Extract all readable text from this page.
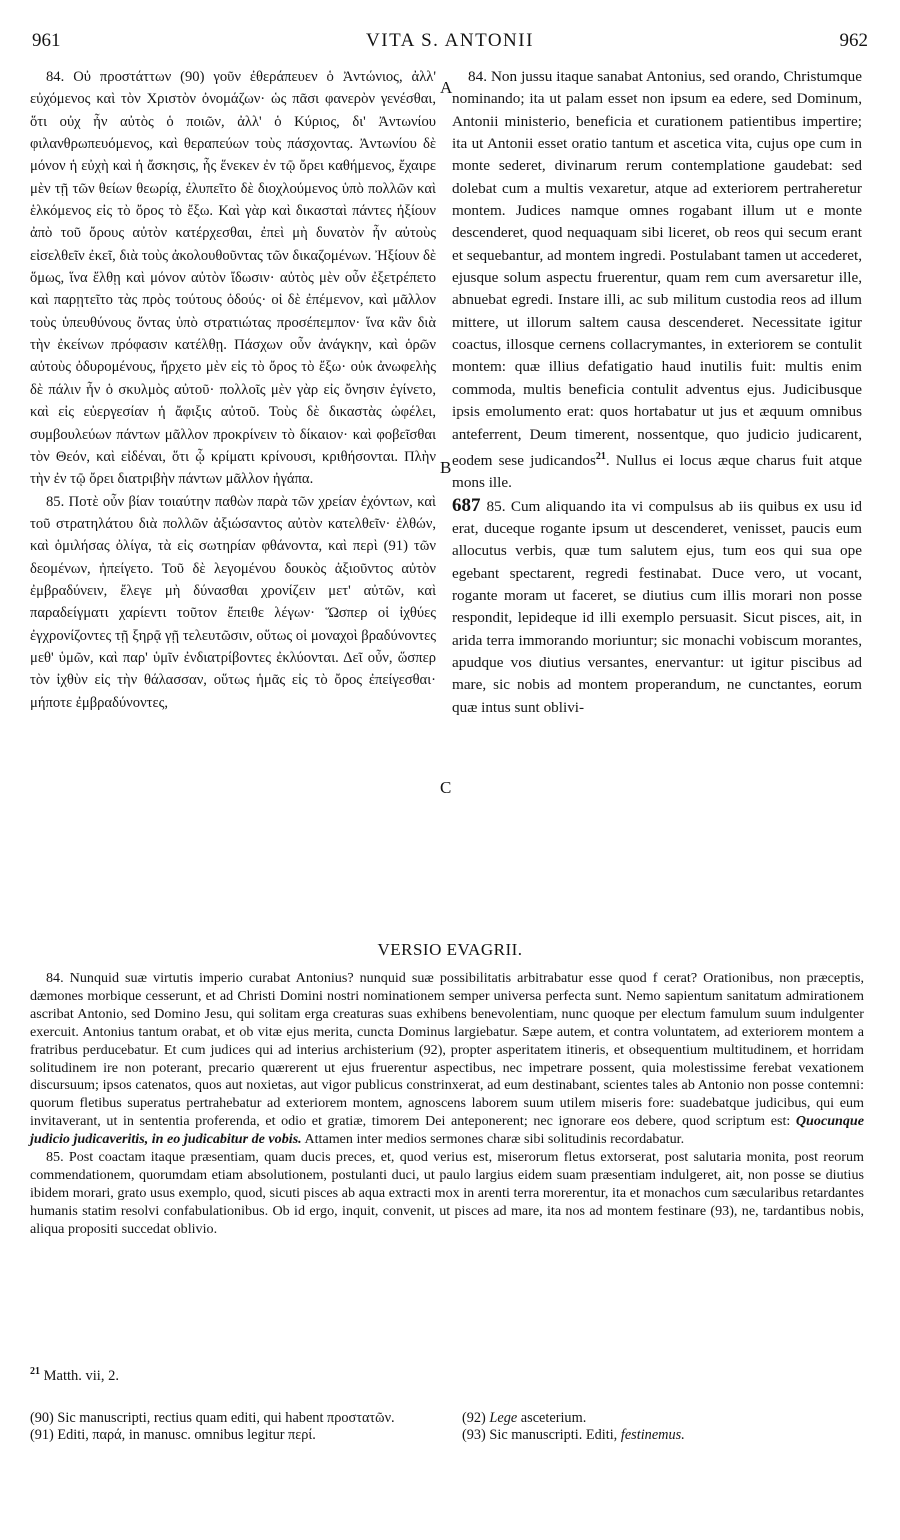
961	VITA S. ANTONII	962

84. Οὐ προστάττων (90) γοῦν ἐθεράπευεν ὁ Ἀντώνιος, ἀλλ' εὐχόμενος καὶ τὸν Χριστὸν ὀνομάζων· ὡς πᾶσι φανερὸν γενέσθαι, ὅτι οὐχ ἦν αὐτὸς ὁ ποιῶν, ἀλλ' ὁ Κύριος, δι' Ἀντωνίου φιλανθρωπευόμενος, καὶ θεραπεύων τοὺς πάσχοντας. Ἀντωνίου δὲ μόνον ἡ εὐχὴ καὶ ἡ ἄσκησις, ἧς ἕνεκεν ἐν τῷ ὄρει καθήμενος, ἔχαιρε μὲν τῇ τῶν θείων θεωρίᾳ, ἐλυπεῖτο δὲ διοχλούμενος ὑπὸ πολλῶν καὶ ἑλκόμενος εἰς τὸ ὄρος τὸ ἔξω. Καὶ γὰρ καὶ δικασταὶ πάντες ἠξίουν ἀπὸ τοῦ ὄρους αὐτὸν κατέρχεσθαι, ἐπεὶ μὴ δυνατὸν ἦν αὐτοὺς εἰσελθεῖν ἐκεῖ, διὰ τοὺς ἀκολουθοῦντας τῶν δικαζομένων. Ἠξίουν δὲ ὅμως, ἵνα ἔλθῃ καὶ μόνον αὐτὸν ἴδωσιν· αὐτὸς μὲν οὖν ἐξετρέπετο καὶ παρῃτεῖτο τὰς πρὸς τούτους ὁδούς· οἱ δὲ ἐπέμενον, καὶ μᾶλλον τοὺς ὑπευθύνους ὄντας ὑπὸ στρατιώτας προσέπεμπον· ἵνα κἂν διὰ τὴν ἐκείνων πρόφασιν κατέλθῃ. Πάσχων οὖν ἀνάγκην, καὶ ὁρῶν αὐτοὺς ὀδυρομένους, ἤρχετο μὲν εἰς τὸ ὄρος τὸ ἔξω· οὐκ ἀνωφελὴς δὲ πάλιν ἦν ὁ σκυλμὸς αὐτοῦ· πολλοῖς μὲν γὰρ εἰς ὄνησιν ἐγίνετο, καὶ εἰς εὐεργεσίαν ἡ ἄφιξις αὐτοῦ. Τοὺς δὲ δικαστὰς ὠφέλει, συμβουλεύων πάντων μᾶλλον προκρίνειν τὸ δίκαιον· καὶ φοβεῖσθαι τὸν Θεόν, καὶ εἰδέναι, ὅτι ᾧ κρίματι κρίνουσι, κριθήσονται. Πλὴν τὴν ἐν τῷ ὄρει διατριβὴν πάντων μᾶλλον ἠγάπα.

85. Ποτὲ οὖν βίαν τοιαύτην παθὼν παρὰ τῶν χρείαν ἐχόντων, καὶ τοῦ στρατηλάτου διὰ πολλῶν ἀξιώσαντος αὐτὸν κατελθεῖν· ἐλθών, καὶ ὁμιλήσας ὀλίγα, τὰ εἰς σωτηρίαν φθάνοντα, καὶ περὶ (91) τῶν δεομένων, ἠπείγετο. Τοῦ δὲ λεγομένου δουκὸς ἀξιοῦντος αὐτὸν ἐμβραδύνειν, ἔλεγε μὴ δύνασθαι χρονίζειν μετ' αὐτῶν, καὶ παραδείγματι χαρίεντι τοῦτον ἔπειθε λέγων· Ὥσπερ οἱ ἰχθύες ἐγχρονίζοντες τῇ ξηρᾷ γῇ τελευτῶσιν, οὕτως οἱ μοναχοὶ βραδύνοντες μεθ' ὑμῶν, καὶ παρ' ὑμῖν ἐνδιατρίβοντες ἐκλύονται. Δεῖ οὖν, ὥσπερ τὸν ἰχθὺν εἰς τὴν θάλασσαν, οὕτως ἡμᾶς εἰς τὸ ὄρος ἐπείγεσθαι· μήποτε ἐμβραδύνοντες,

A
B
C

84. Non jussu itaque sanabat Antonius, sed orando, Christumque nominando; ita ut palam esset non ipsum ea edere, sed Dominum, Antonii ministerio, beneficia et curationem patientibus impertire; ita ut Antonii esset oratio tantum et ascetica vita, cujus ope cum in monte sederet, divinarum rerum contemplatione gaudebat: sed dolebat cum a multis vexaretur, atque ad exteriorem pertraheretur montem. Judices namque omnes rogabant illum ut e monte descenderet, quod nequaquam sibi liceret, ob reos qui secum erant et sequebantur, ad montem ingredi. Postulabant tamen ut accederet, ejusque solum aspectu fruerentur, quam rem cum aversaretur ille, abnuebat egredi. Instare illi, ac sub militum custodia reos ad illum mittere, ut illorum saltem causa descenderet. Necessitate igitur coactus, illosque cernens collacrymantes, in exteriorem se contulit montem: quæ illius defatigatio haud inutilis fuit: multis enim commoda, multis beneficia contulit adventus ejus. Judicibusque ipsis emolumento erat: quos hortabatur ut jus et æquum omnibus anteferrent, Deum timerent, nossentque, quo judicio judicarent, eodem sese judicandos$^{21}$. Nullus ei locus æque charus fuit atque mons ille.

687 85. Cum aliquando ita vi compulsus ab iis quibus ex usu id erat, duceque rogante ipsum ut descenderet, venisset, paucis eum allocutus verbis, quæ tum salutem ejus, tum eos qui sua ope egebant spectarent, regredi festinabat. Duce vero, ut vocant, rogante moram ut faceret, se diutius cum illis morari non posse respondit, lepideque id illi exemplo persuasit. Sicut pisces, ait, in arida terra immorando moriuntur; sic monachi vobiscum morantes, apudque vos diutius versantes, enervantur: ut igitur piscibus ad mare, sic nobis ad montem properandum, ne cunctantes, eorum quæ intus sunt oblivi-

VERSIO EVAGRII.

84. Nunquid suæ virtutis imperio curabat Antonius? nunquid suæ possibilitatis arbitrabatur esse quod f cerat? Orationibus, non præceptis, dæmones morbique cesserunt, et ad Christi Domini nostri nominationem semper universa perfecta sunt. Nemo sapientum sanitatum admirationem ascribat Antonio, sed Domino Jesu, qui solitam erga creaturas suas exhibens benevolentiam, nunc quoque per electum famulum suum indulgenter exercuit. Antonius tantum orabat, et ob vitæ ejus merita, cuncta Dominus largiebatur. Sæpe autem, et contra voluntatem, ad exteriorem montem a fratribus perducebatur. Et cum judices qui ad interius archisterium (92), propter asperitatem itineris, et obsequentium multitudinem, et horridam solitudinem ire non poterant, precario quærerent ut ejus fruerentur aspectibus, nec impetrare possent, quia molestissime ferebat vexationem discursuum; ipsos catenatos, quos aut noxietas, aut vigor publicus constrinxerat, ad eum destinabant, scientes tales ab Antonio non posse contemni: quorum fletibus superatus pertrahebatur ad exteriorem montem, agnoscens laborem suum utilem miseris fore: suadebatque judicibus, qui eum invitaverant, ut in sententia proferenda, et odio et gratiæ, timorem Dei anteponerent; nec ignorare eos debere, quod scriptum est: Quocunque judicio judicaveritis, in eo judicabitur de vobis. Attamen inter medios sermones charæ sibi solitudinis recordabatur.

85. Post coactam itaque præsentiam, quam ducis preces, et, quod verius est, miserorum fletus extorserat, post salutaria monita, post reorum commendationem, quorumdam etiam absolutionem, postulanti duci, ut paulo largius eidem suam præsentiam indulgeret, ait, non posse se diutius ibidem morari, grato usus exemplo, quod, sicuti pisces ab aqua extracti mox in arenti terra morerentur, ita et monachos cum sæcularibus retardantes humanis statim resolvi confabulationibus. Ob id ergo, inquit, convenit, ut pisces ad mare, ita nos ad montem festinare (93), ne, tardantibus nobis, aliqua propositi succedat oblivio.

$^{21}$ Matth. vii, 2.

(90) Sic manuscripti, rectius quam editi, qui habent προστατῶν.

(91) Editi, παρά, in manusc. omnibus legitur περί.

(92) Lege asceterium.

(93) Sic manuscripti. Editi, festinemus.
